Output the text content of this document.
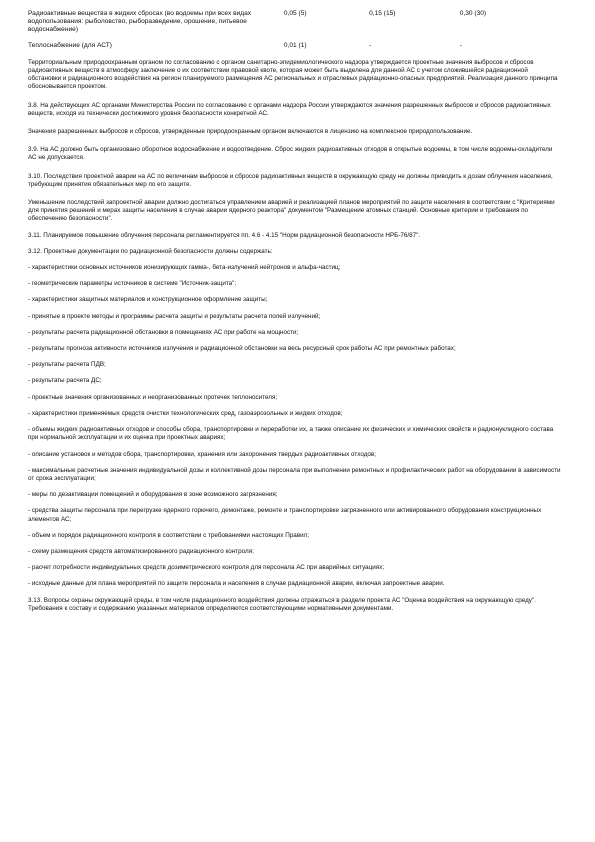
Радиоактивные вещества в жидких сбросах (во водоемы при всех видах водопользования: рыболовство, рыборазведение, орошение, питьевое водоснабжение)	0,05 (5)	0,15 (15)	0,30 (30)
Теплоснабжение (для АСТ)	0,01 (1)	-	-

Территориальным природоохранным органом по согласованию с органом санитарно-эпидемиологического надзора утверждается проектные значения выбросов и сбросов радиоактивных веществ в атмосферу заключение о их соответствии правовой квоте, которая может быть выделена для данной АС с учетом сложившейся радиационной обстановки и радиационного воздействия на регион планируемого размещения АС региональных и отраслевых радиационно-опасных предприятий. Реализация данного принципа обосновывается проектом.

3.8. На действующих АС органами Министерства России по согласованию с органами надзора России утверждаются значения разрешенных выбросов и сбросов радиоактивных веществ, исходя из технически достижимого уровня безопасности конкретной АС.

Значения разрешенных выбросов и сбросов, утвержденные природоохранным органом включаются в лицензию на комплексное природопользование.

3.9. На АС должно быть организовано оборотное водоснабжение и водоотведение. Сброс жидких радиоактивных отходов в открытые водоемы, в том числе водоемы-охладители АС не допускается.

3.10. Последствия проектной аварии на АС по величинам выбросов и сбросов радиоактивных веществ в окружающую среду не должны приводить к дозам облучения населения, требующим принятия обязательных мер по его защите.

Уменьшение последствий запроектной аварии должно достигаться управлением аварией и реализацией планов мероприятий по защите населения в соответствии с "Критериями для принятия решений и мерах защиты населения в случае аварии ядерного реактора" документом "Размещение атомных станций. Основные критерии и требования по обеспечению безопасности".

3.11. Планируемое повышение облучения персонала регламентируется пп. 4.6 - 4.15 "Норм радиационной безопасности НРБ-76/87".

3.12. Проектные документации по радиационной безопасности должны содержать:

- характеристики основных источников ионизирующих гамма-, бета-излучений нейтронов и альфа-частиц;

- геометрические параметры источников в системе "Источник-защита";

- характеристики защитных материалов и конструкционное оформление защиты;

- принятые в проекте методы и программы расчета защиты и результаты расчета полей излучений;

- результаты расчета радиационной обстановки в помещениях АС при работе на мощности;

- результаты прогноза активности источников излучения и радиационной обстановки на весь ресурсный срок работы АС при ремонтных работах;

- результаты расчета ПДВ;

- результаты расчета ДС;

- проектные значения организованных и неорганизованных протечек теплоносителя;

- характеристики применяемых средств очистки технологических сред, газоаэрозольных и жидких отходов;

- объемы жидких радиоактивных отходов и способы сбора, транспортировки и переработки их, а также описание их физических и химических свойств и радионуклидного состава при нормальной эксплуатации и их оценка при проектных авариях;

- описание установок и методов сбора, транспортировки, хранения или захоронения твердых радиоактивных отходов;

- максимальные расчетные значения индивидуальной дозы и коллективной дозы персонала при выполнении ремонтных и профилактических работ на оборудовании в зависимости от срока эксплуатации;

- меры по дезактивации помещений и оборудования в зоне возможного загрязнения;

- средства защиты персонала при перегрузке ядерного горючего, демонтаже, ремонте и транспортировке загрязненного или активированного оборудования конструкционных элементов АС;

- объем и порядок радиационного контроля в соответствии с требованиями настоящих Правил;

- схему размещения средств автоматизированного радиационного контроля;

- расчет потребности индивидуальных средств дозиметрического контроля для персонала АС при аварийных ситуациях;

- исходные данные для плана мероприятий по защите персонала и населения в случае радиационной аварии, включая запроектные аварии.

3.13. Вопросы охраны окружающей среды, в том числе радиационного воздействия должны отражаться в разделе проекта АС "Оценка воздействия на окружающую среду". Требования к составу и содержанию указанных материалов определяются соответствующими нормативными документами.
